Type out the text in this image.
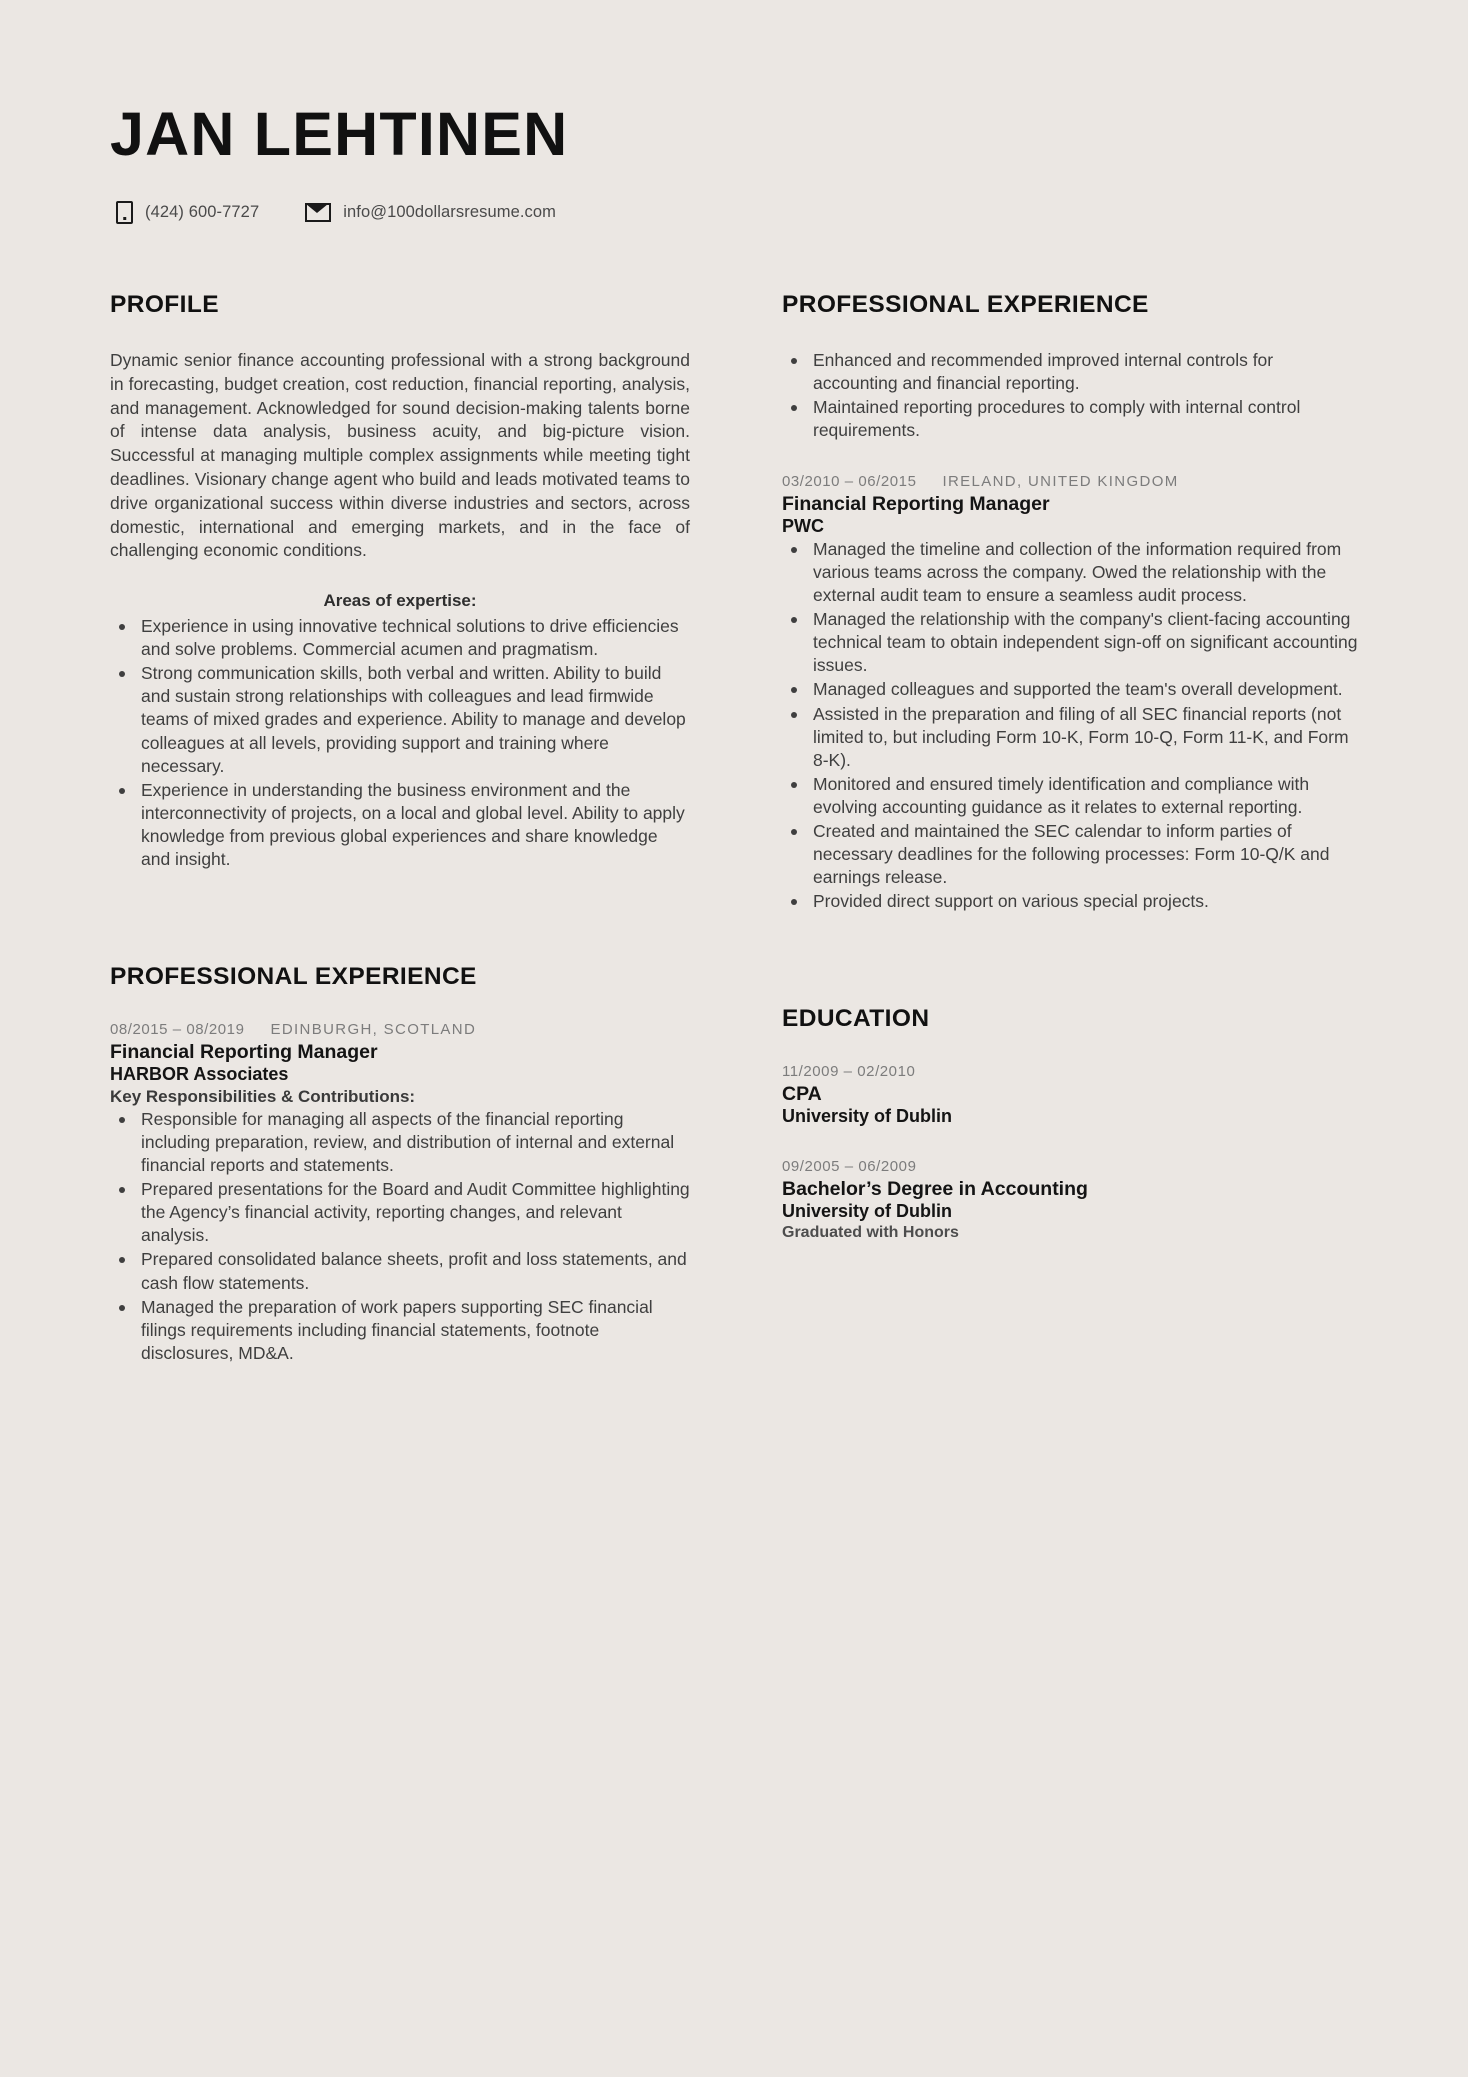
JAN LEHTINEN
(424) 600-7727	info@100dollarsresume.com
PROFILE

Dynamic senior finance accounting professional with a strong background in forecasting, budget creation, cost reduction, financial reporting, analysis, and management. Acknowledged for sound decision-making talents borne of intense data analysis, business acuity, and big-picture vision. Successful at managing multiple complex assignments while meeting tight deadlines. Visionary change agent who build and leads motivated teams to drive organizational success within diverse industries and sectors, across domestic, international and emerging markets, and in the face of challenging economic conditions.

Areas of expertise:
Experience in using innovative technical solutions to drive efficiencies and solve problems. Commercial acumen and pragmatism.
Strong communication skills, both verbal and written. Ability to build and sustain strong relationships with colleagues and lead firmwide teams of mixed grades and experience. Ability to manage and develop colleagues at all levels, providing support and training where necessary.
Experience in understanding the business environment and the interconnectivity of projects, on a local and global level. Ability to apply knowledge from previous global experiences and share knowledge and insight.
PROFESSIONAL EXPERIENCE
08/2015 – 08/2019 EDINBURGH, SCOTLAND
Financial Reporting Manager
HARBOR Associates
Key Responsibilities & Contributions:
Responsible for managing all aspects of the financial reporting including preparation, review, and distribution of internal and external financial reports and statements.
Prepared presentations for the Board and Audit Committee highlighting the Agency’s financial activity, reporting changes, and relevant analysis.
Prepared consolidated balance sheets, profit and loss statements, and cash flow statements.
Managed the preparation of work papers supporting SEC financial filings requirements including financial statements, footnote disclosures, MD&A.
PROFESSIONAL EXPERIENCE
Enhanced and recommended improved internal controls for accounting and financial reporting.
Maintained reporting procedures to comply with internal control requirements.
03/2010 – 06/2015 IRELAND, UNITED KINGDOM
Financial Reporting Manager
PWC
Managed the timeline and collection of the information required from various teams across the company. Owed the relationship with the external audit team to ensure a seamless audit process.
Managed the relationship with the company's client-facing accounting technical team to obtain independent sign-off on significant accounting issues.
Managed colleagues and supported the team's overall development.
Assisted in the preparation and filing of all SEC financial reports (not limited to, but including Form 10-K, Form 10-Q, Form 11-K, and Form 8-K).
Monitored and ensured timely identification and compliance with evolving accounting guidance as it relates to external reporting.
Created and maintained the SEC calendar to inform parties of necessary deadlines for the following processes: Form 10-Q/K and earnings release.
Provided direct support on various special projects.
EDUCATION
11/2009 – 02/2010
CPA
University of Dublin
09/2005 – 06/2009
Bachelor’s Degree in Accounting
University of Dublin
Graduated with Honors
